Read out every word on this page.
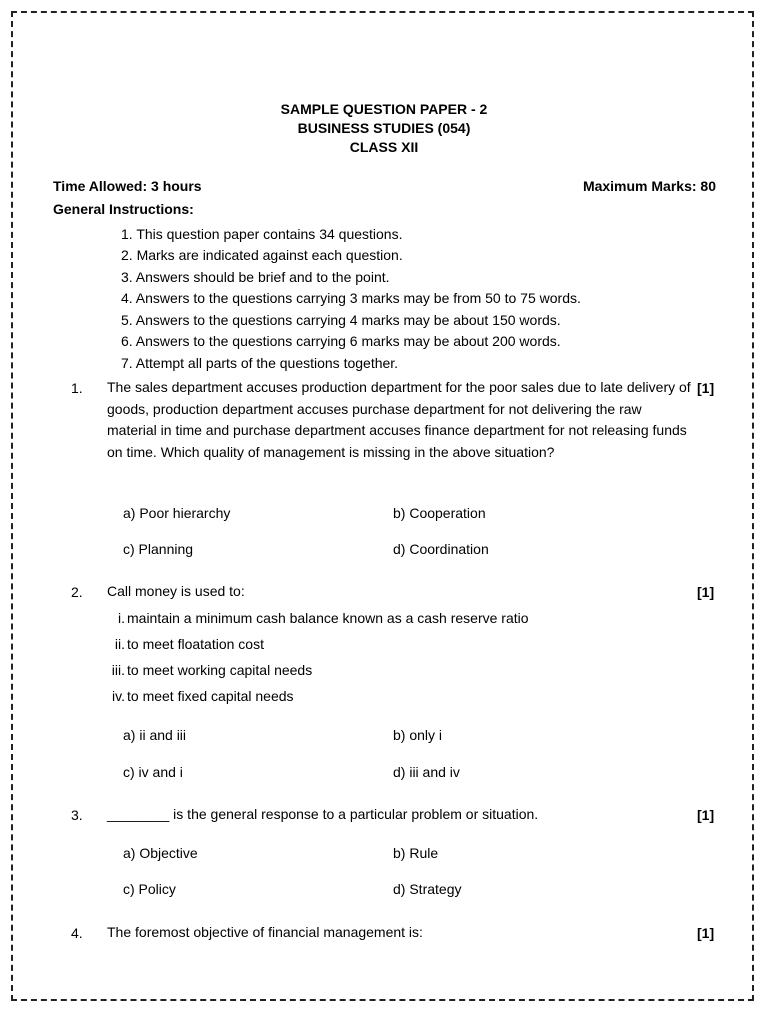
SAMPLE QUESTION PAPER - 2
BUSINESS STUDIES (054)
CLASS XII
Time Allowed: 3 hours	Maximum Marks: 80
General Instructions:
1. This question paper contains 34 questions.
2. Marks are indicated against each question.
3. Answers should be brief and to the point.
4. Answers to the questions carrying 3 marks may be from 50 to 75 words.
5. Answers to the questions carrying 4 marks may be about 150 words.
6. Answers to the questions carrying 6 marks may be about 200 words.
7. Attempt all parts of the questions together.
1. The sales department accuses production department for the poor sales due to late delivery of goods, production department accuses purchase department for not delivering the raw material in time and purchase department accuses finance department for not releasing funds on time. Which quality of management is missing in the above situation?
[1]
a) Poor hierarchy	b) Cooperation
c) Planning	d) Coordination
2. Call money is used to:	[1]
i. maintain a minimum cash balance known as a cash reserve ratio
ii. to meet floatation cost
iii. to meet working capital needs
iv. to meet fixed capital needs
a) ii and iii	b) only i
c) iv and i	d) iii and iv
3. ________ is the general response to a particular problem or situation.	[1]
a) Objective	b) Rule
c) Policy	d) Strategy
4. The foremost objective of financial management is:	[1]
